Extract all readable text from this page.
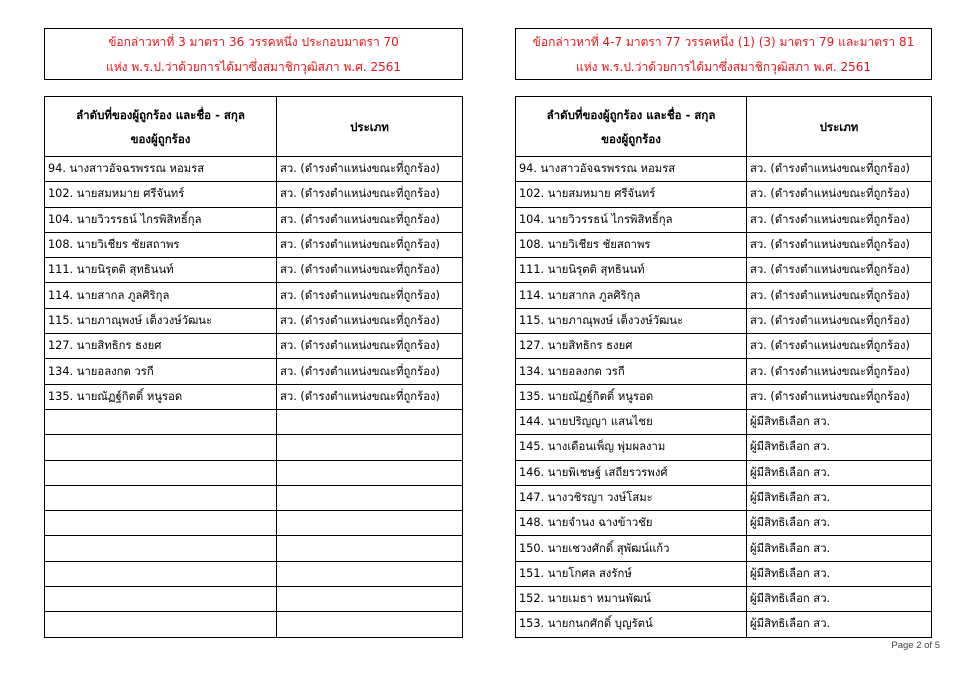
ข้อกล่าวหาที่ 3 มาตรา 36 วรรคหนึ่ง ประกอบมาตรา 70
แห่ง พ.ร.ป.ว่าด้วยการได้มาซึ่งสมาชิกวุฒิสภา พ.ศ. 2561
ลำดับที่ของผู้ถูกร้อง และชื่อ - สกุล
ของผู้ถูกร้อง	ประเภท
94. นางสาวอัจฉรพรรณ หอมรส	สว. (ดำรงตำแหน่งขณะที่ถูกร้อง)
102. นายสมหมาย ศรีจันทร์	สว. (ดำรงตำแหน่งขณะที่ถูกร้อง)
104. นายวิวรรธน์ ไกรพิสิทธิ์กุล	สว. (ดำรงตำแหน่งขณะที่ถูกร้อง)
108. นายวิเชียร ชัยสถาพร	สว. (ดำรงตำแหน่งขณะที่ถูกร้อง)
111. นายนิรุตติ สุทธินนท์	สว. (ดำรงตำแหน่งขณะที่ถูกร้อง)
114. นายสากล ภูลศิริกุล	สว. (ดำรงตำแหน่งขณะที่ถูกร้อง)
115. นายภาณุพงษ์ เต็งวงษ์วัฒนะ	สว. (ดำรงตำแหน่งขณะที่ถูกร้อง)
127. นายสิทธิกร ธงยศ	สว. (ดำรงตำแหน่งขณะที่ถูกร้อง)
134. นายอลงกต วรกี	สว. (ดำรงตำแหน่งขณะที่ถูกร้อง)
135. นายณัฏฐ์กิตติ์ หนูรอด	สว. (ดำรงตำแหน่งขณะที่ถูกร้อง)

ข้อกล่าวหาที่ 4-7 มาตรา 77 วรรคหนึ่ง (1) (3) มาตรา 79 และมาตรา 81
แห่ง พ.ร.ป.ว่าด้วยการได้มาซึ่งสมาชิกวุฒิสภา พ.ศ. 2561
ลำดับที่ของผู้ถูกร้อง และชื่อ - สกุล
ของผู้ถูกร้อง	ประเภท
94. นางสาวอัจฉรพรรณ หอมรส	สว. (ดำรงตำแหน่งขณะที่ถูกร้อง)
102. นายสมหมาย ศรีจันทร์	สว. (ดำรงตำแหน่งขณะที่ถูกร้อง)
104. นายวิวรรธน์ ไกรพิสิทธิ์กุล	สว. (ดำรงตำแหน่งขณะที่ถูกร้อง)
108. นายวิเชียร ชัยสถาพร	สว. (ดำรงตำแหน่งขณะที่ถูกร้อง)
111. นายนิรุตติ สุทธินนท์	สว. (ดำรงตำแหน่งขณะที่ถูกร้อง)
114. นายสากล ภูลศิริกุล	สว. (ดำรงตำแหน่งขณะที่ถูกร้อง)
115. นายภาณุพงษ์ เต็งวงษ์วัฒนะ	สว. (ดำรงตำแหน่งขณะที่ถูกร้อง)
127. นายสิทธิกร ธงยศ	สว. (ดำรงตำแหน่งขณะที่ถูกร้อง)
134. นายอลงกต วรกี	สว. (ดำรงตำแหน่งขณะที่ถูกร้อง)
135. นายณัฏฐ์กิตติ์ หนูรอด	สว. (ดำรงตำแหน่งขณะที่ถูกร้อง)
144. นายปริญญา แสนไชย	ผู้มีสิทธิเลือก สว.
145. นางเดือนเพ็ญ พุ่มผลงาม	ผู้มีสิทธิเลือก สว.
146. นายพิเชษฐ์ เสถียรวรพงศ์	ผู้มีสิทธิเลือก สว.
147. นางวชิรญา วงษ์โสมะ	ผู้มีสิทธิเลือก สว.
148. นายจำนง ฉางข้าวชัย	ผู้มีสิทธิเลือก สว.
150. นายเชวงศักดิ์ สุพัฒน์แก้ว	ผู้มีสิทธิเลือก สว.
151. นายโกศล สงรักษ์	ผู้มีสิทธิเลือก สว.
152. นายเมธา หมานพัฒน์	ผู้มีสิทธิเลือก สว.
153. นายกนกศักดิ์ บุญรัตน์	ผู้มีสิทธิเลือก สว.
Page 2 of 5
